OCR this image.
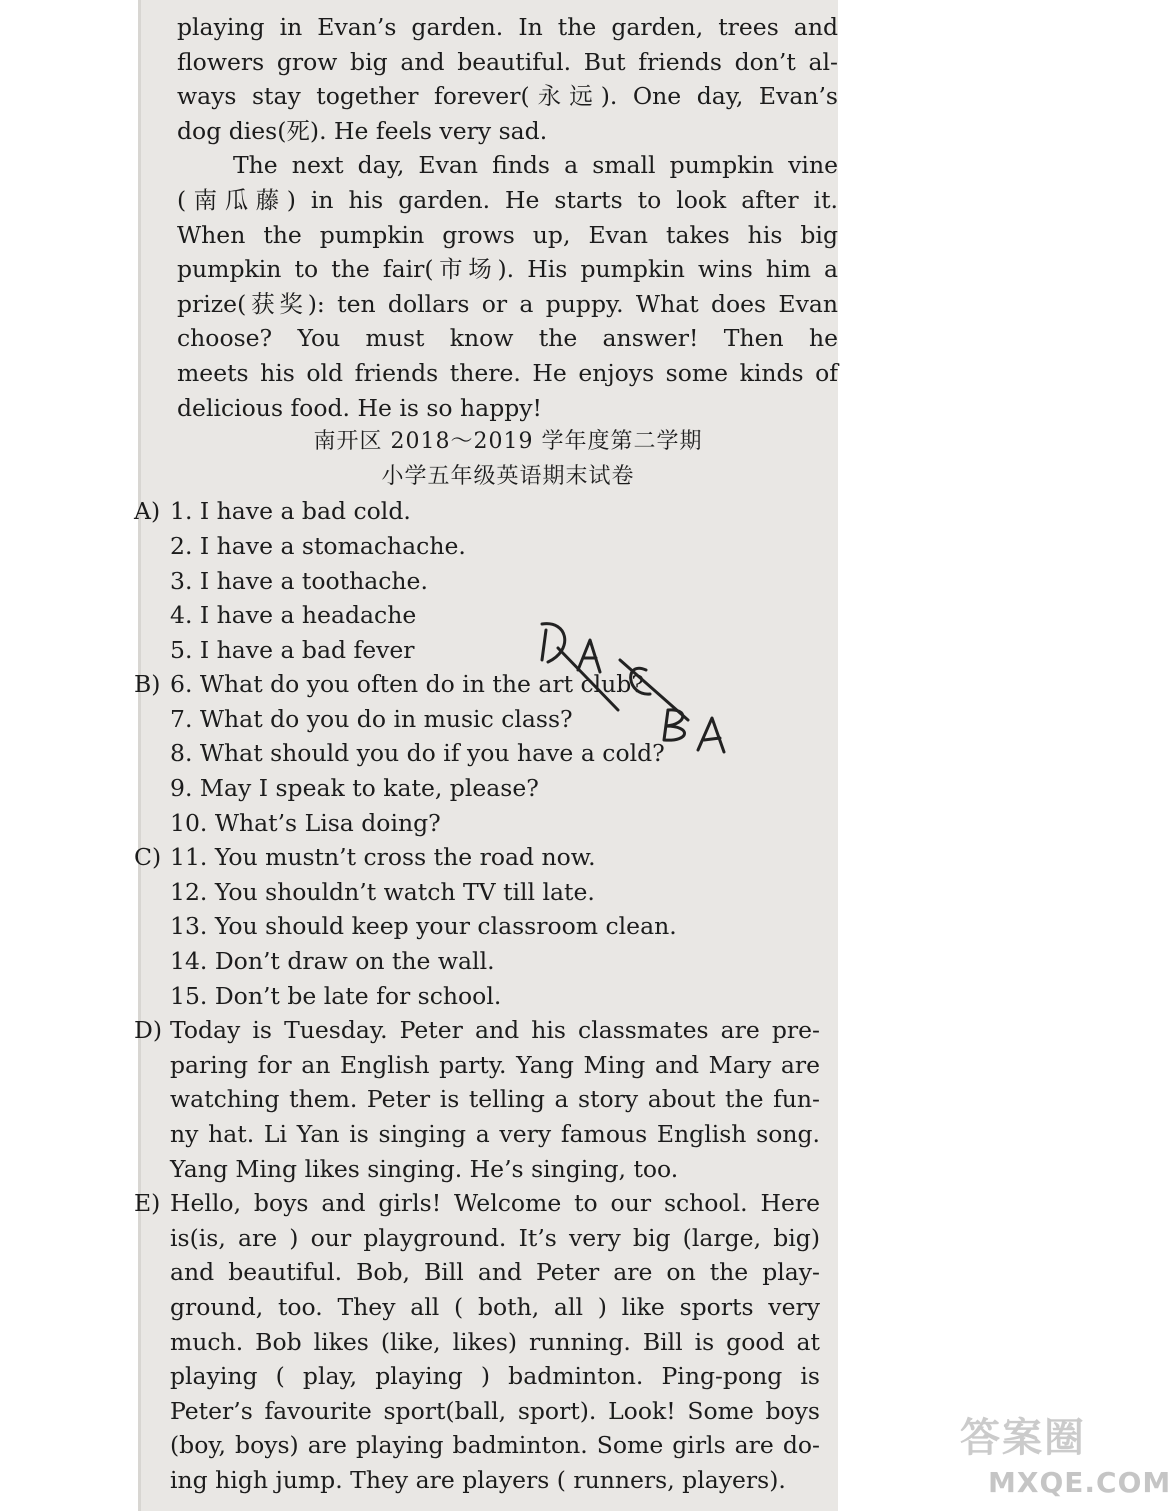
playing in Evan’s garden. In the garden, trees and
flowers grow big and beautiful. But friends don’t al-
ways stay together forever(永远). One day, Evan’s
dog dies(死). He feels very sad.
The next day, Evan finds a small pumpkin vine
(南瓜藤) in his garden. He starts to look after it.
When the pumpkin grows up, Evan takes his big
pumpkin to the fair(市场). His pumpkin wins him a
prize(获奖): ten dollars or a puppy. What does Evan
choose? You must know the answer! Then he
meets his old friends there. He enjoys some kinds of
delicious food. He is so happy!
南开区 2018～2019 学年度第二学期
小学五年级英语期末试卷
A) 1. I have a bad cold.
2. I have a stomachache.
3. I have a toothache.
4. I have a headache
5. I have a bad fever
B) 6. What do you often do in the art club?
7. What do you do in music class?
8. What should you do if you have a cold?
9. May I speak to kate, please?
10. What’s Lisa doing?
C) 11. You mustn’t cross the road now.
12. You shouldn’t watch TV till late.
13. You should keep your classroom clean.
14. Don’t draw on the wall.
15. Don’t be late for school.
D) Today is Tuesday. Peter and his classmates are pre-
paring for an English party. Yang Ming and Mary are
watching them. Peter is telling a story about the fun-
ny hat. Li Yan is singing a very famous English song.
Yang Ming likes singing. He’s singing, too.
E) Hello, boys and girls! Welcome to our school. Here
is(is, are ) our playground. It’s very big (large, big)
and beautiful. Bob, Bill and Peter are on the play-
ground, too. They all ( both, all ) like sports very
much. Bob likes (like, likes) running. Bill is good at
playing ( play, playing ) badminton. Ping-pong is
Peter’s favourite sport(ball, sport). Look! Some boys
(boy, boys) are playing badminton. Some girls are do-
ing high jump. They are players ( runners, players).
答案圈
MXQE.COM
